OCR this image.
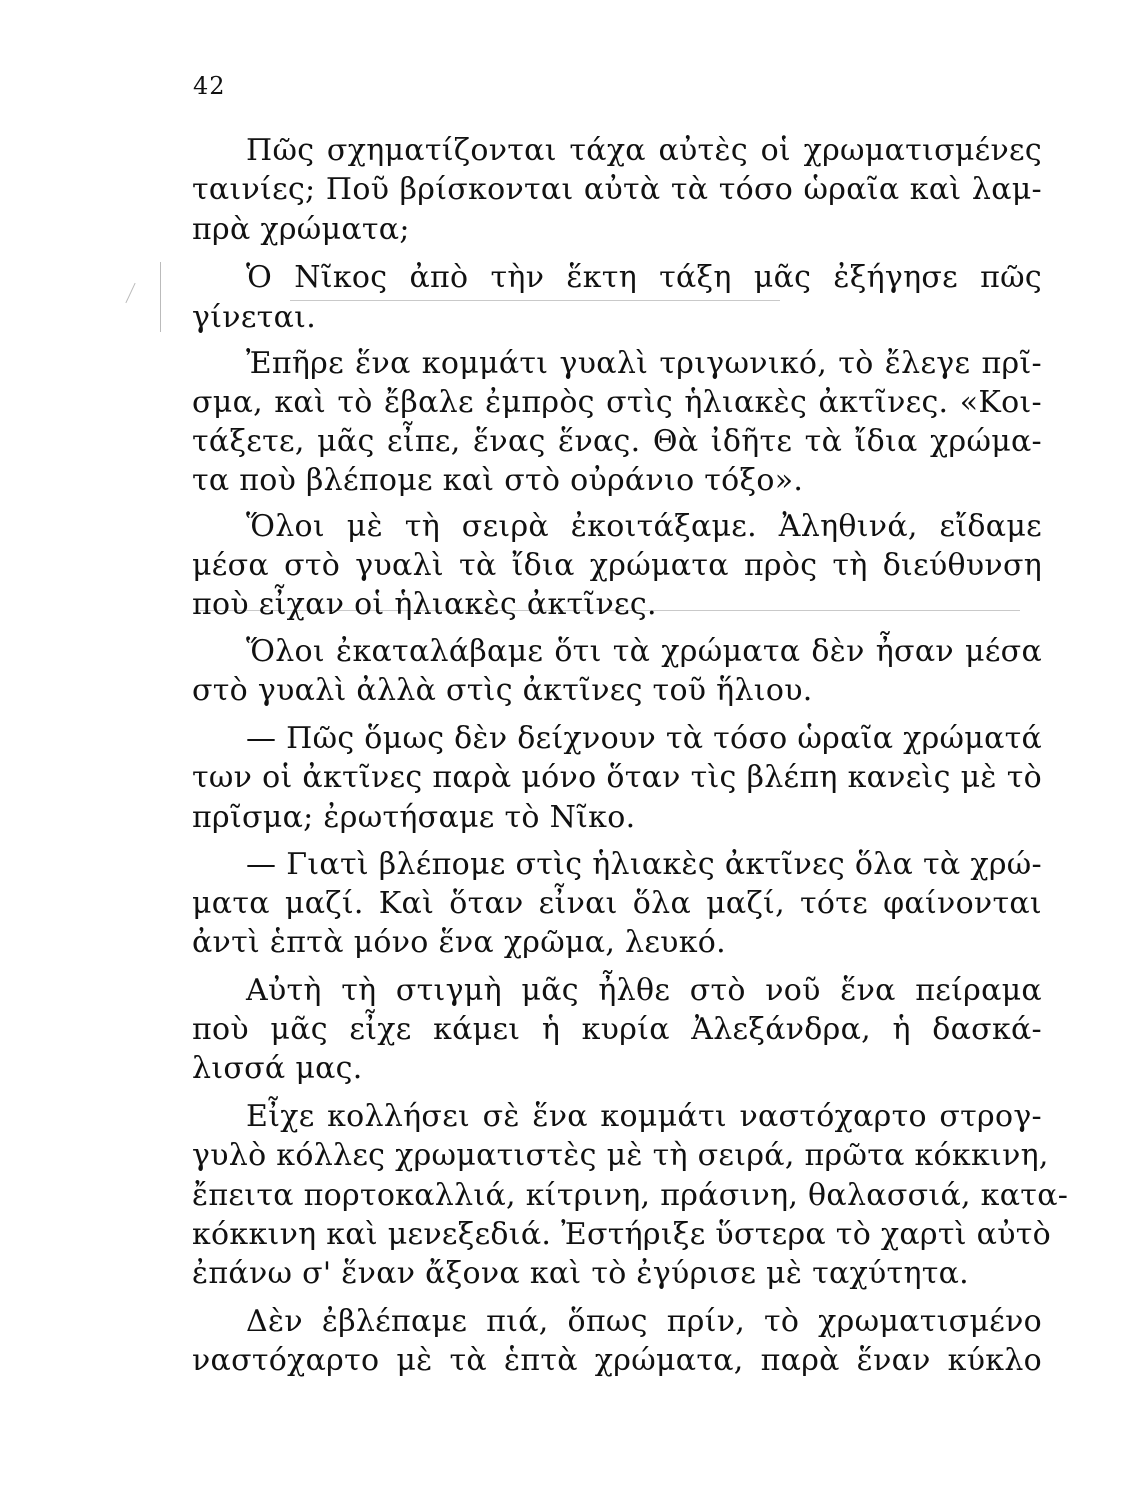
42
Πῶς σχηματίζονται τάχα αὐτὲς οἱ χρωματισμένες
ταινίες; Ποῦ βρίσκονται αὐτὰ τὰ τόσο ὡραῖα καὶ λαμ-
πρὰ χρώματα;
Ὁ Νῖκος ἀπὸ τὴν ἕκτη τάξη μᾶς ἐξήγησε πῶς
γίνεται.
Ἐπῆρε ἕνα κομμάτι γυαλὶ τριγωνικό, τὸ ἔλεγε πρῖ-
σμα, καὶ τὸ ἔβαλε ἐμπρὸς στὶς ἡλιακὲς ἀκτῖνες. «Κοι-
τάξετε, μᾶς εἶπε, ἕνας ἕνας. Θὰ ἰδῆτε τὰ ἴδια χρώμα-
τα ποὺ βλέπομε καὶ στὸ οὐράνιο τόξο».
Ὅλοι μὲ τὴ σειρὰ ἐκοιτάξαμε. Ἀληθινά, εἴδαμε
μέσα στὸ γυαλὶ τὰ ἴδια χρώματα πρὸς τὴ διεύθυνση
ποὺ εἶχαν οἱ ἡλιακὲς ἀκτῖνες.
Ὅλοι ἐκαταλάβαμε ὅτι τὰ χρώματα δὲν ἦσαν μέσα
στὸ γυαλὶ ἀλλὰ στὶς ἀκτῖνες τοῦ ἥλιου.
— Πῶς ὅμως δὲν δείχνουν τὰ τόσο ὡραῖα χρώματά
των οἱ ἀκτῖνες παρὰ μόνο ὅταν τὶς βλέπη κανεὶς μὲ τὸ
πρῖσμα; ἐρωτήσαμε τὸ Νῖκο.
— Γιατὶ βλέπομε στὶς ἡλιακὲς ἀκτῖνες ὅλα τὰ χρώ-
ματα μαζί. Καὶ ὅταν εἶναι ὅλα μαζί, τότε φαίνονται
ἀντὶ ἑπτὰ μόνο ἕνα χρῶμα, λευκό.
Αὐτὴ τὴ στιγμὴ μᾶς ἦλθε στὸ νοῦ ἕνα πείραμα
ποὺ μᾶς εἶχε κάμει ἡ κυρία Ἀλεξάνδρα, ἡ δασκά-
λισσά μας.
Εἶχε κολλήσει σὲ ἕνα κομμάτι ναστόχαρτο στρογ-
γυλὸ κόλλες χρωματιστὲς μὲ τὴ σειρά, πρῶτα κόκκινη,
ἔπειτα πορτοκαλλιά, κίτρινη, πράσινη, θαλασσιά, κατα-
κόκκινη καὶ μενεξεδιά. Ἐστήριξε ὕστερα τὸ χαρτὶ αὐτὸ
ἐπάνω σ' ἕναν ἄξονα καὶ τὸ ἐγύρισε μὲ ταχύτητα.
Δὲν ἐβλέπαμε πιά, ὅπως πρίν, τὸ χρωματισμένο
ναστόχαρτο μὲ τὰ ἑπτὰ χρώματα, παρὰ ἕναν κύκλο
